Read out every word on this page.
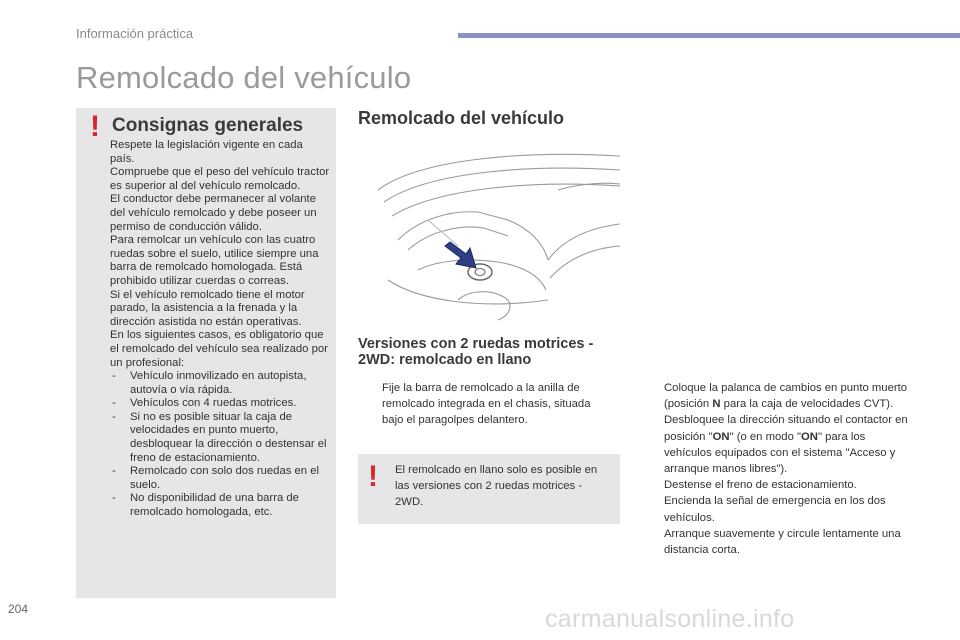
Información práctica
Remolcado del vehículo
! Consignas generales

Respete la legislación vigente en cada país.

Compruebe que el peso del vehículo tractor es superior al del vehículo remolcado.

El conductor debe permanecer al volante del vehículo remolcado y debe poseer un permiso de conducción válido.

Para remolcar un vehículo con las cuatro ruedas sobre el suelo, utilice siempre una barra de remolcado homologada. Está prohibido utilizar cuerdas o correas.

Si el vehículo remolcado tiene el motor parado, la asistencia a la frenada y la dirección asistida no están operativas.

En los siguientes casos, es obligatorio que el remolcado del vehículo sea realizado por un profesional:

- Vehículo inmovilizado en autopista, autovía o vía rápida.
- Vehículos con 4 ruedas motrices.
- Si no es posible situar la caja de velocidades en punto muerto, desbloquear la dirección o destensar el freno de estacionamiento.
- Remolcado con solo dos ruedas en el suelo.
- No disponibilidad de una barra de remolcado homologada, etc.
Remolcado del vehículo
Versiones con 2 ruedas motrices - 2WD: remolcado en llano
Fije la barra de remolcado a la anilla de remolcado integrada en el chasis, situada bajo el paragolpes delantero.
! El remolcado en llano solo es posible en las versiones con 2 ruedas motrices - 2WD.
Coloque la palanca de cambios en punto muerto (posición N para la caja de velocidades CVT).
Desbloquee la dirección situando el contactor en posición "ON" (o en modo "ON" para los vehículos equipados con el sistema "Acceso y arranque manos libres").
Destense el freno de estacionamiento.
Encienda la señal de emergencia en los dos vehículos.
Arranque suavemente y circule lentamente una distancia corta.
204	carmanualsonline.info
